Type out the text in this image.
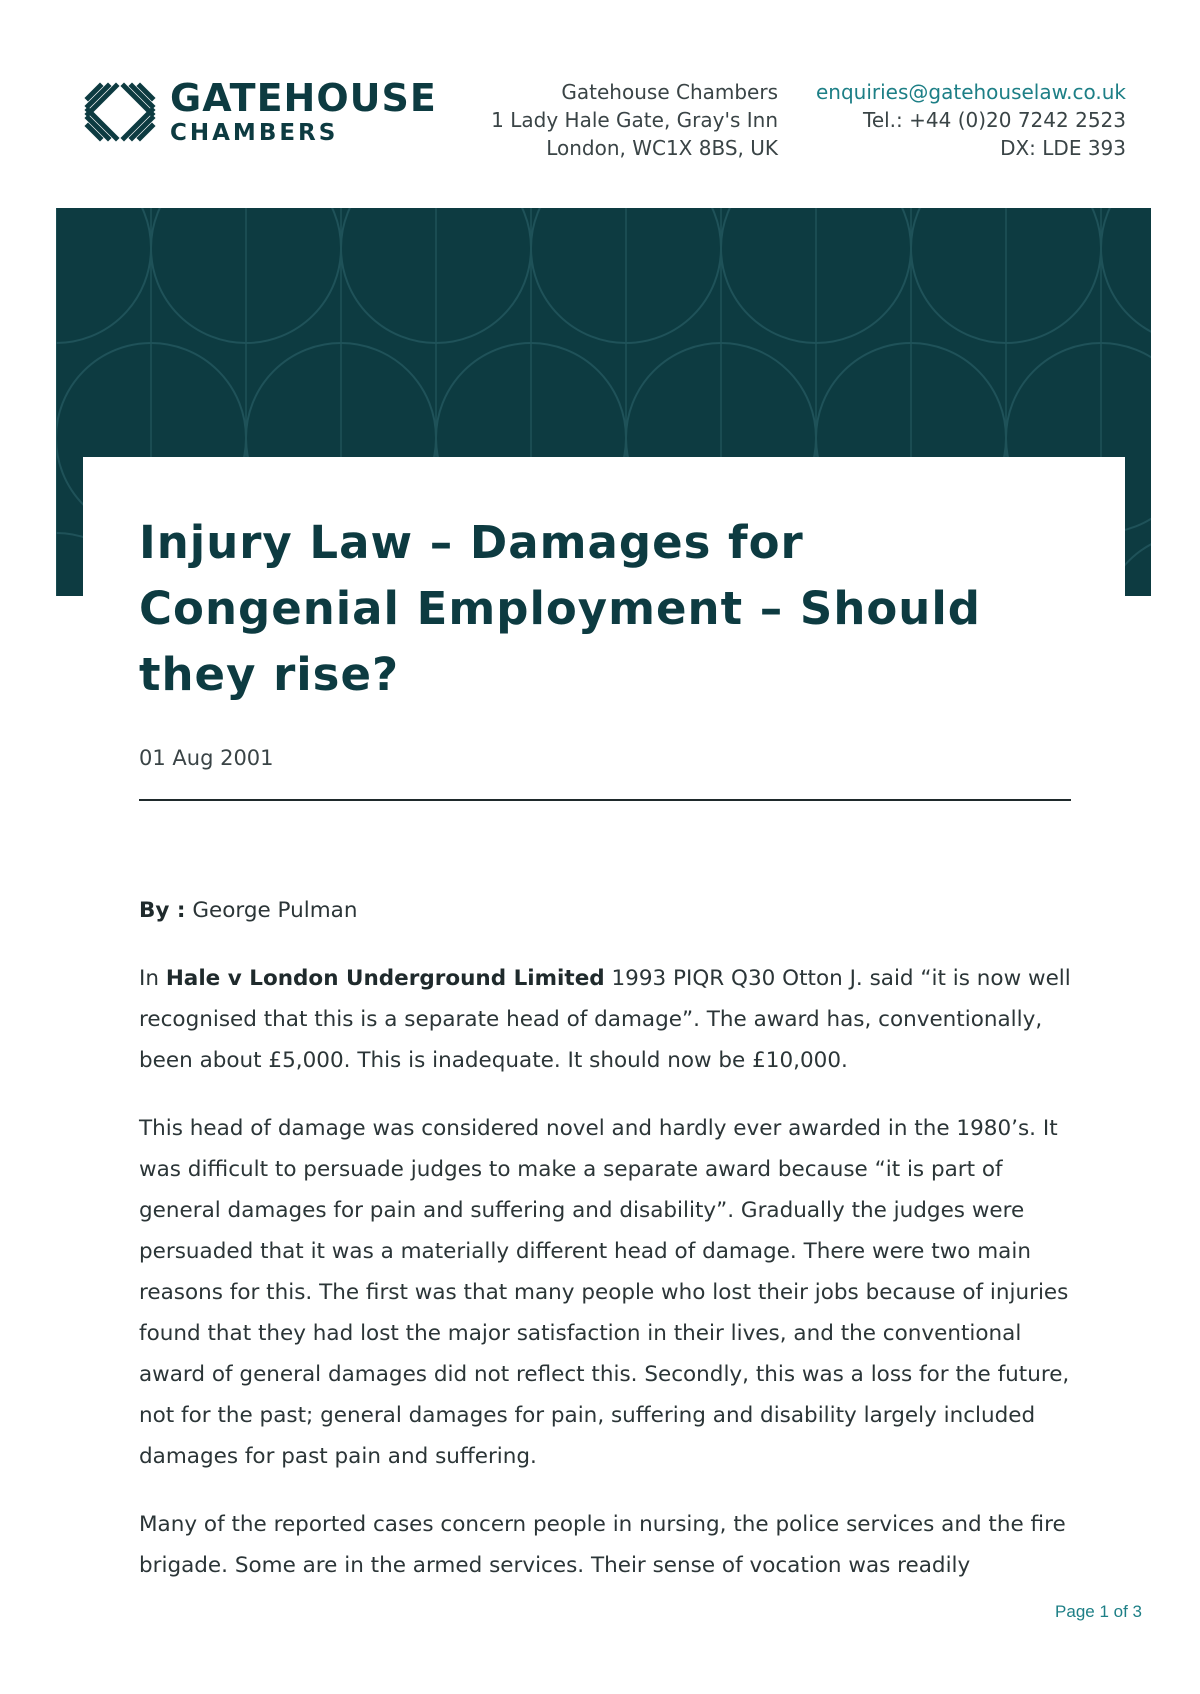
GATEHOUSE
CHAMBERS
Gatehouse Chambers
1 Lady Hale Gate, Gray's Inn
London, WC1X 8BS, UK
enquiries@gatehouselaw.co.uk
Tel.: +44 (0)20 7242 2523
DX: LDE 393
Injury Law – Damages for Congenial Employment – Should they rise?
01 Aug 2001

By : George Pulman

In Hale v London Underground Limited 1993 PIQR Q30 Otton J. said “it is now well recognised that this is a separate head of damage”. The award has, conventionally, been about £5,000. This is inadequate. It should now be £10,000.

This head of damage was considered novel and hardly ever awarded in the 1980’s. It was difficult to persuade judges to make a separate award because “it is part of general damages for pain and suffering and disability”. Gradually the judges were persuaded that it was a materially different head of damage. There were two main reasons for this. The first was that many people who lost their jobs because of injuries found that they had lost the major satisfaction in their lives, and the conventional award of general damages did not reflect this. Secondly, this was a loss for the future, not for the past; general damages for pain, suffering and disability largely included damages for past pain and suffering.

Many of the reported cases concern people in nursing, the police services and the fire brigade. Some are in the armed services. Their sense of vocation was readily

Page 1 of 3
